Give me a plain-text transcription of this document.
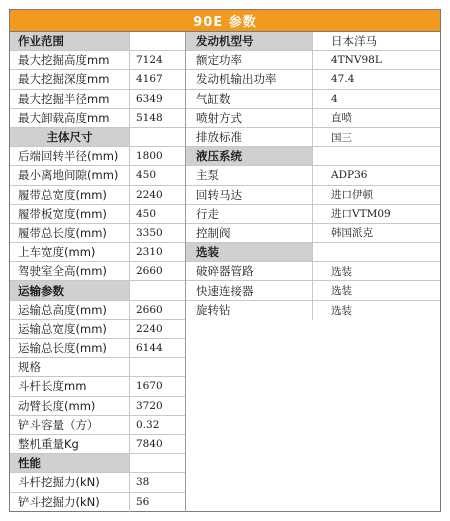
90E 参数
作业范围
最大挖掘高度mm	7124
最大挖掘深度mm	4167
最大挖掘半径mm	6349
最大卸载高度mm	5148
主体尺寸
后端回转半径(mm)	1800
最小离地间隙(mm)	450
履带总宽度(mm)	2240
履带板宽度(mm)	450
履带总长度(mm)	3350
上车宽度(mm)	2310
驾驶室全高(mm)	2660
运输参数
运输总高度(mm)	2660
运输总宽度(mm)	2240
运输总长度(mm)	6144
规格
斗杆长度mm	1670
动臂长度(mm)	3720
铲斗容量（方）	0.32
整机重量Kg	7840
性能
斗杆挖掘力(kN)	38
铲斗挖掘力(kN)	56
发动机型号	日本洋马
额定功率	4TNV98L
发动机输出功率	47.4
气缸数	4
喷射方式	直喷
排放标准	国三
液压系统
主泵	ADP36
回转马达	进口伊顿
行走	进口VTM09
控制阀	韩国派克
选装
破碎器管路	选装
快速连接器	选装
旋转钻	选装
